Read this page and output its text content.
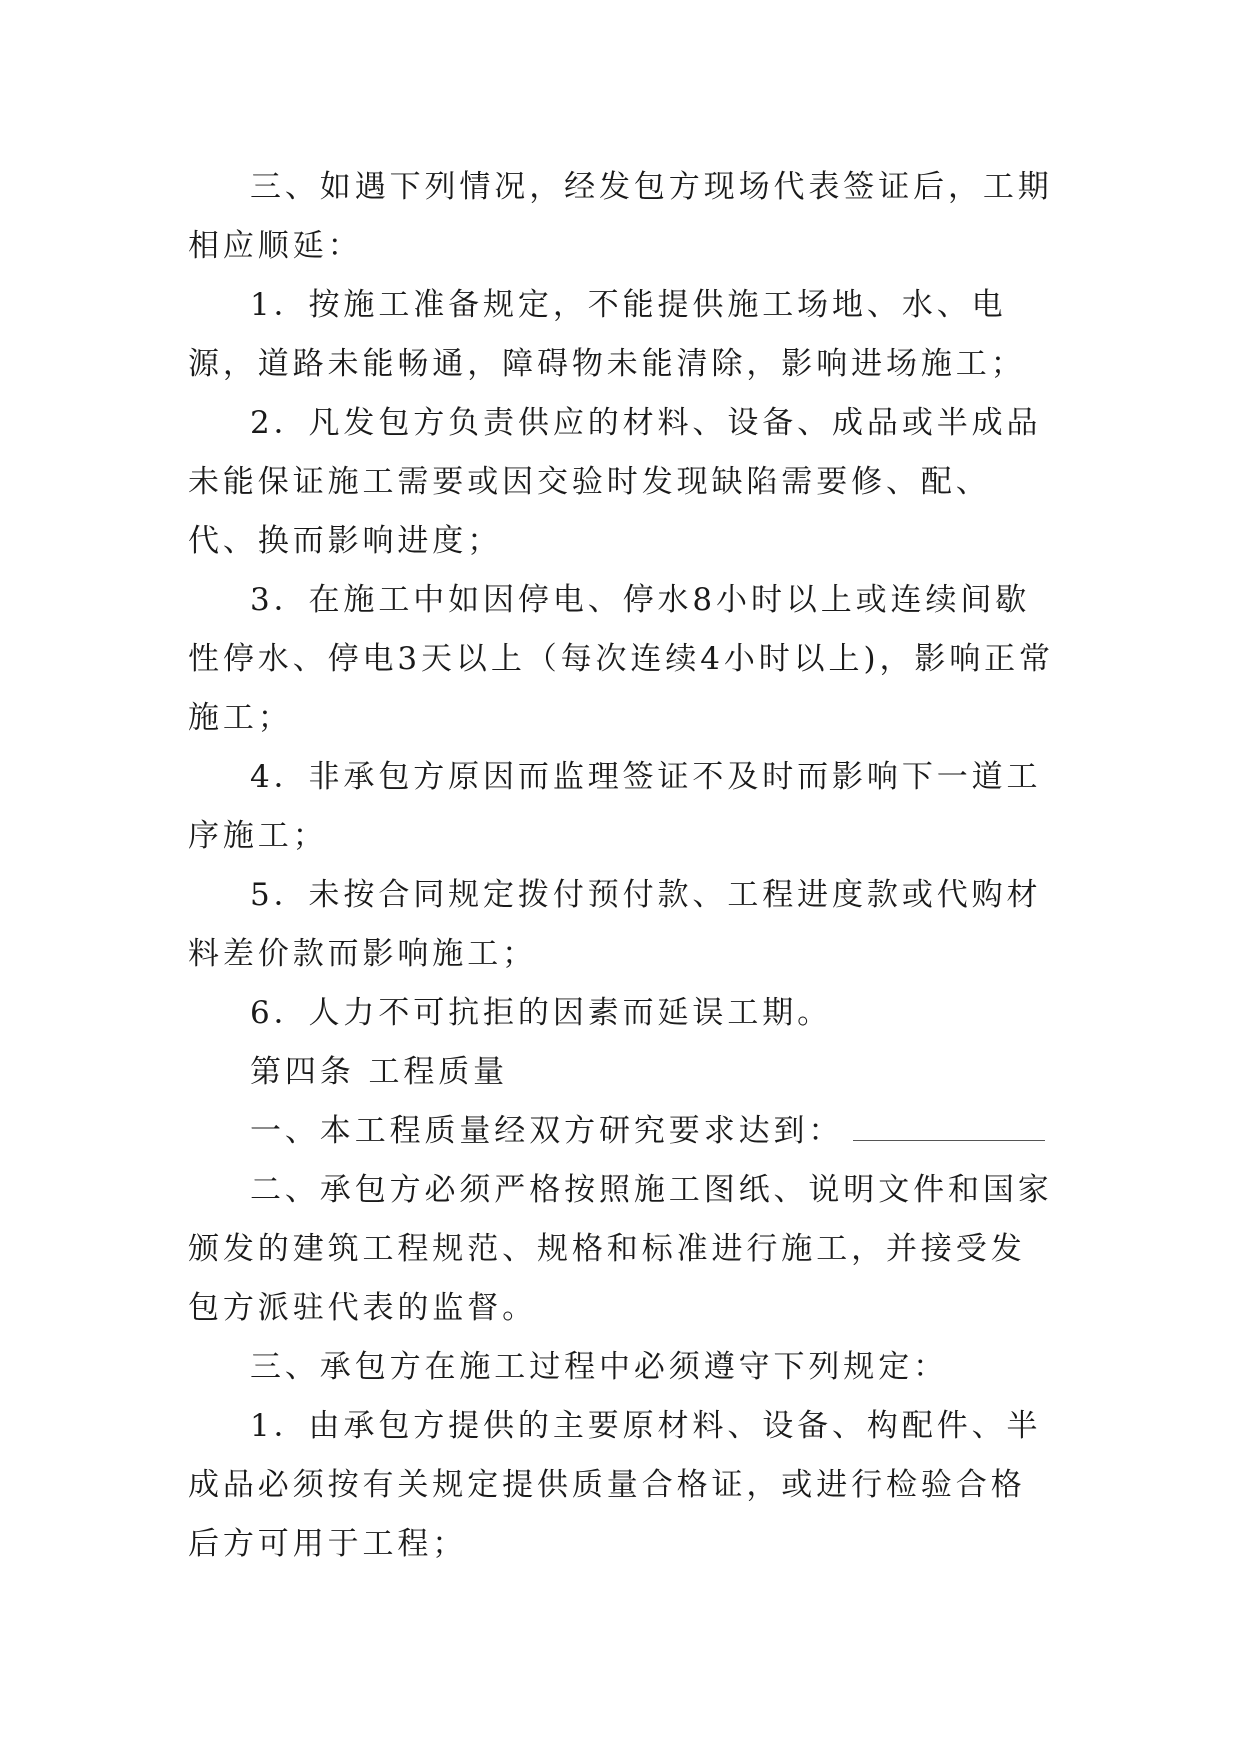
三、如遇下列情况，经发包方现场代表签证后，工期相应顺延：

1．按施工准备规定，不能提供施工场地、水、电源，道路未能畅通，障碍物未能清除，影响进场施工；

2．凡发包方负责供应的材料、设备、成品或半成品未能保证施工需要或因交验时发现缺陷需要修、配、代、换而影响进度；

3．在施工中如因停电、停水8小时以上或连续间歇性停水、停电3天以上（每次连续4小时以上)，影响正常施工；

4．非承包方原因而监理签证不及时而影响下一道工序施工；

5．未按合同规定拨付预付款、工程进度款或代购材料差价款而影响施工；

6．人力不可抗拒的因素而延误工期。

第四条 工程质量

一、本工程质量经双方研究要求达到：

二、承包方必须严格按照施工图纸、说明文件和国家颁发的建筑工程规范、规格和标准进行施工，并接受发包方派驻代表的监督。

三、承包方在施工过程中必须遵守下列规定：

1．由承包方提供的主要原材料、设备、构配件、半成品必须按有关规定提供质量合格证，或进行检验合格后方可用于工程；
